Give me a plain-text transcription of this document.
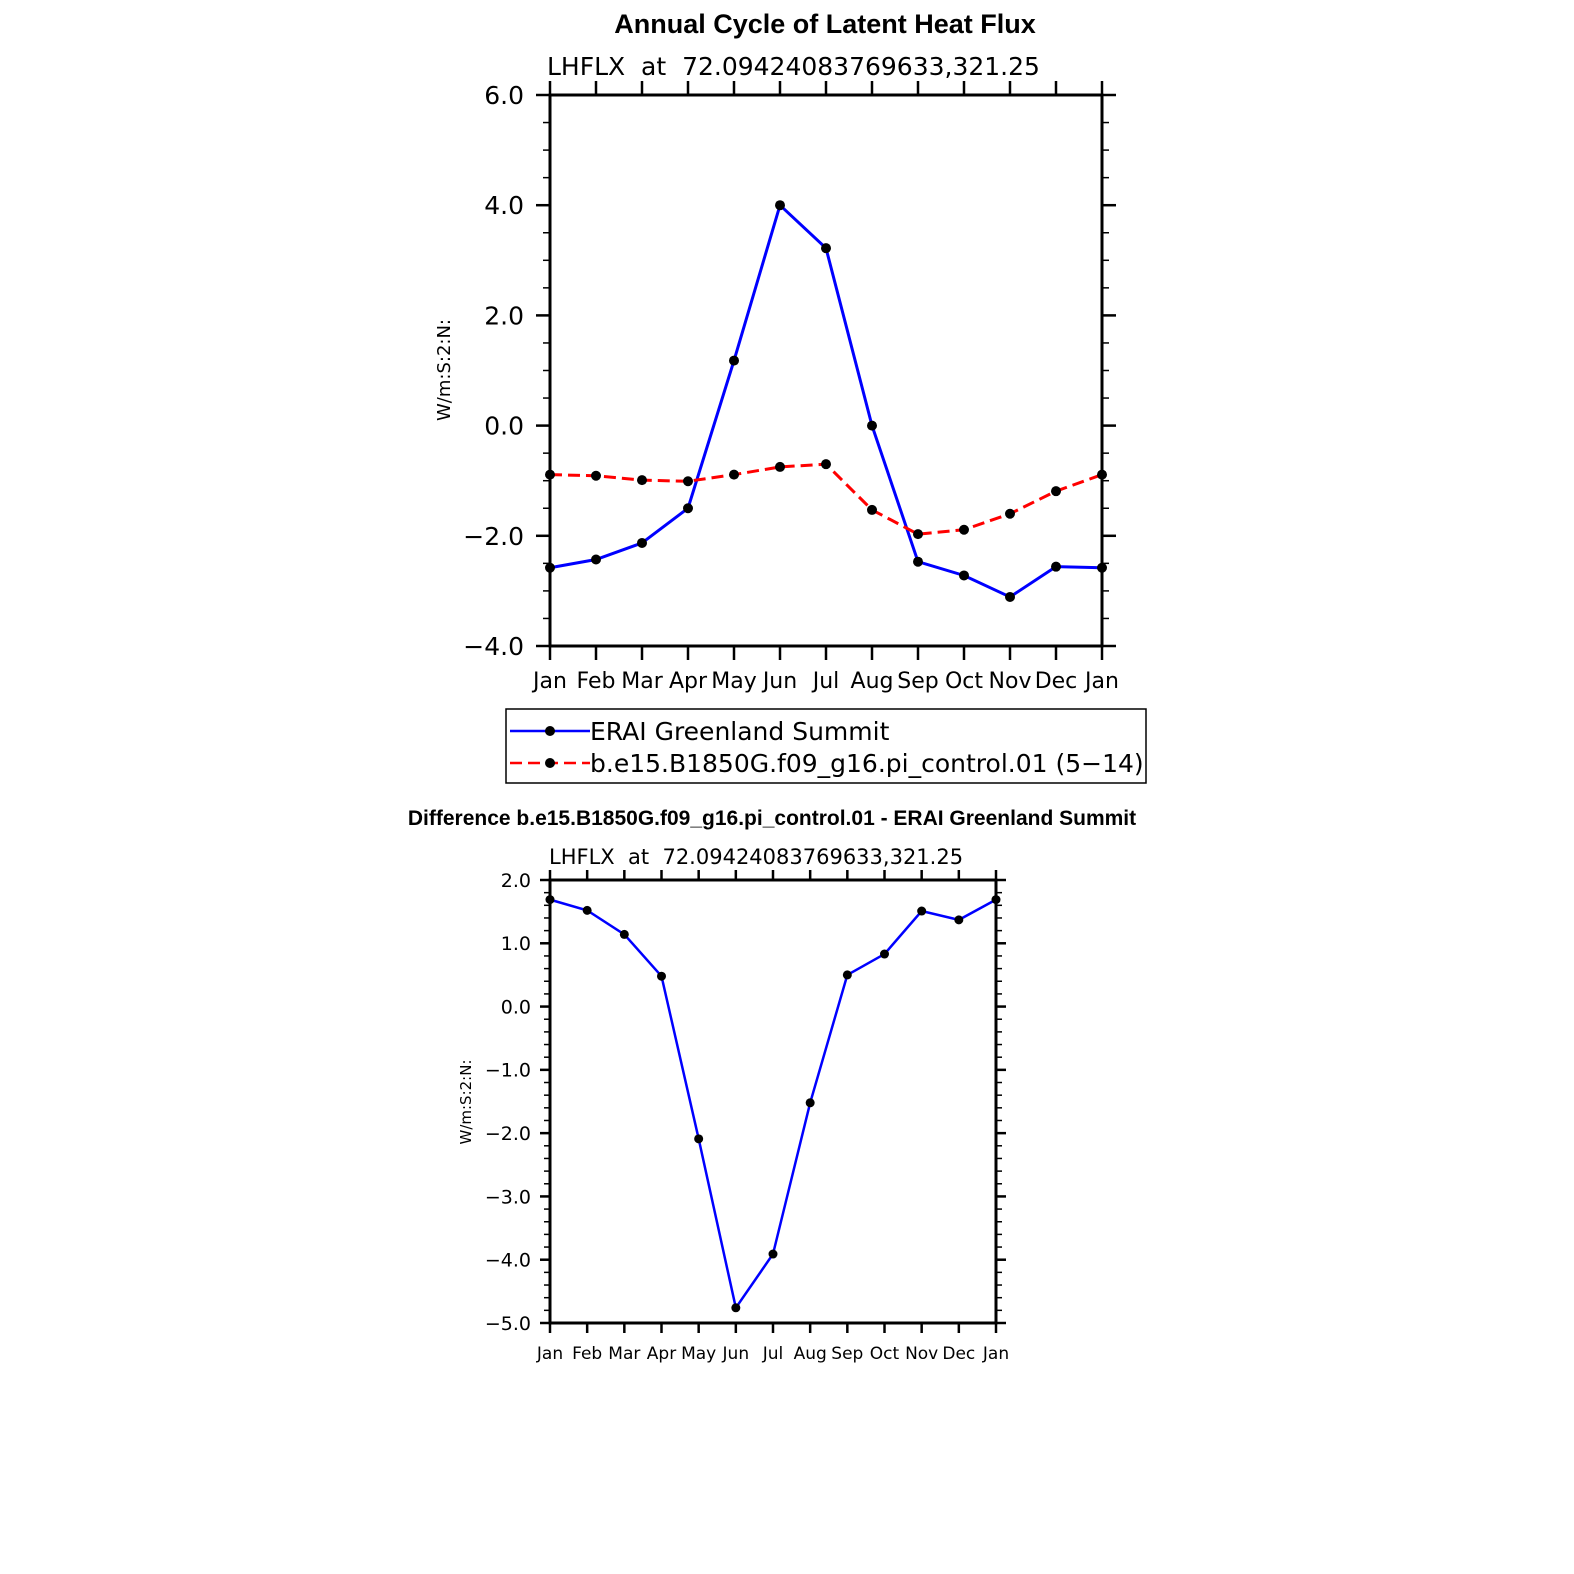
Annual Cycle of Latent Heat Flux
LHFLX  at  72.09424083769633,321.25
W/m:S:2:N:
Jan Feb Mar Apr May Jun Jul Aug Sep Oct Nov Dec Jan
−4.0
−2.0
0.0
2.0
4.0
6.0
ERAI Greenland Summit
b.e15.B1850G.f09_g16.pi_control.01 (5−14)
Difference b.e15.B1850G.f09_g16.pi_control.01 - ERAI Greenland Summit
LHFLX  at  72.09424083769633,321.25
W/m:S:2:N:
Jan Feb Mar Apr May Jun Jul Aug Sep Oct Nov Dec Jan
−5.0
−4.0
−3.0
−2.0
−1.0
0.0
1.0
2.0
